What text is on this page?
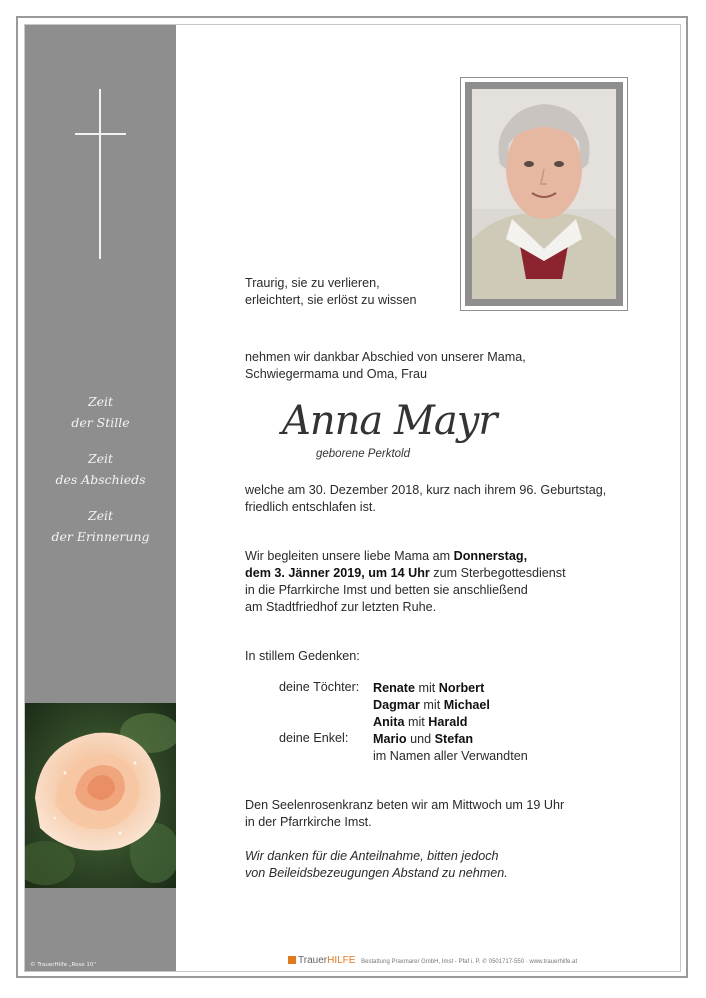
Zeit
der Stille
Zeit
des Abschieds
Zeit
der Erinnerung
© TrauerHilfe „Rose 10“
Traurig, sie zu verlieren,
erleichtert, sie erlöst zu wissen
nehmen wir dankbar Abschied von unserer Mama,
Schwiegermama und Oma, Frau
Anna Mayr
geborene Perktold
welche am 30. Dezember 2018, kurz nach ihrem 96. Geburtstag,
friedlich entschlafen ist.
Wir begleiten unsere liebe Mama am Donnerstag,
dem 3. Jänner 2019, um 14 Uhr zum Sterbegottesdienst
in die Pfarrkirche Imst und betten sie anschließend
am Stadtfriedhof zur letzten Ruhe.
In stillem Gedenken:
deine Töchter:
deine Enkel:
Renate mit Norbert
Dagmar mit Michael
Anita mit Harald
Mario und Stefan
im Namen aller Verwandten
Den Seelenrosenkranz beten wir am Mittwoch um 19 Uhr
in der Pfarrkirche Imst.
Wir danken für die Anteilnahme, bitten jedoch
von Beileidsbezeugungen Abstand zu nehmen.
TrauerHILFE Bestattung Praxmarer GmbH, Imst - Pfaf i. P. ✆ 0501717-550 · www.trauerhilfe.at
